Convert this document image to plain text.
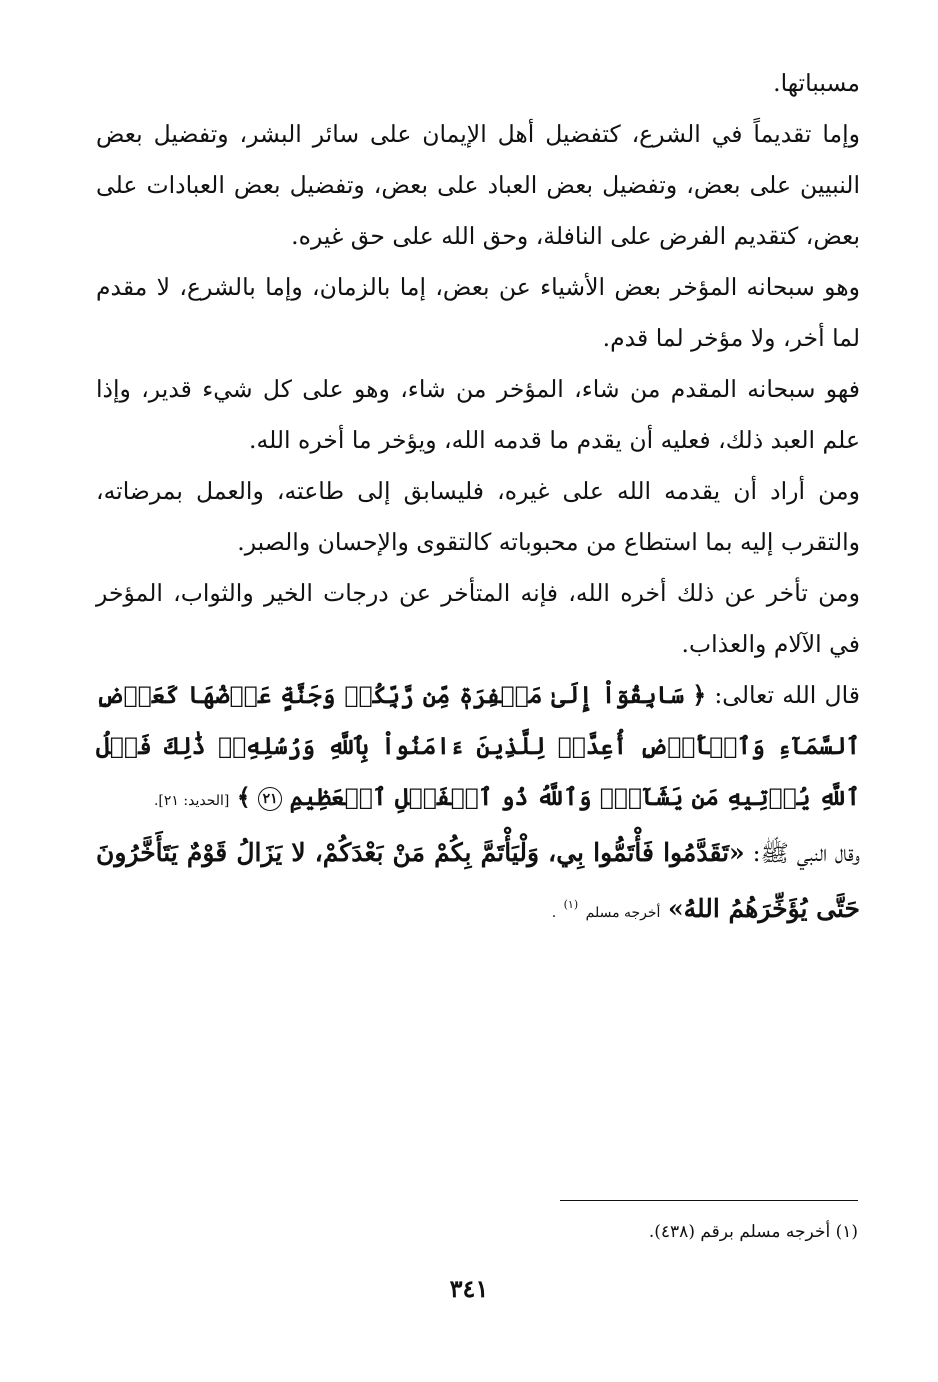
مسبباتها.

وإما تقديماً في الشرع، كتفضيل أهل الإيمان على سائر البشر، وتفضيل بعض النبيين على بعض، وتفضيل بعض العباد على بعض، وتفضيل بعض العبادات على بعض، كتقديم الفرض على النافلة، وحق الله على حق غيره.

وهو سبحانه المؤخر بعض الأشياء عن بعض، إما بالزمان، وإما بالشرع، لا مقدم لما أخر، ولا مؤخر لما قدم.

فهو سبحانه المقدم من شاء، المؤخر من شاء، وهو على كل شيء قدير، وإذا علم العبد ذلك، فعليه أن يقدم ما قدمه الله، ويؤخر ما أخره الله.

ومن أراد أن يقدمه الله على غيره، فليسابق إلى طاعته، والعمل بمرضاته، والتقرب إليه بما استطاع من محبوباته كالتقوى والإحسان والصبر.

ومن تأخر عن ذلك أخره الله، فإنه المتأخر عن درجات الخير والثواب، المؤخر في الآلام والعذاب.

قال الله تعالى: ﴿ سَابِقُوٓاْ إِلَىٰ مَغۡفِرَةٖ مِّن رَّبِّكُمۡ وَجَنَّةٍ عَرۡضُهَا كَعَرۡضِ ٱلسَّمَآءِ وَٱلۡأَرۡضِ أُعِدَّتۡ لِلَّذِينَ ءَامَنُواْ بِٱللَّهِ وَرُسُلِهِۦۚ ذَٰلِكَ فَضۡلُ ٱللَّهِ يُؤۡتِيهِ مَن يَشَآءُۚ وَٱللَّهُ ذُو ٱلۡفَضۡلِ ٱلۡعَظِيمِ ٢١ ﴾ [الحديد: ٢١].

وقال النبي ﷺ: «تَقَدَّمُوا فَأْتَمُّوا بِي، وَلْيَأْتَمَّ بِكُمْ مَنْ بَعْدَكُمْ، لا يَزَالُ قَوْمٌ يَتَأَخَّرُونَ حَتَّى يُؤَخِّرَهُمُ اللهُ» أخرجه مسلم $^{(١)}$ .

(١) أخرجه مسلم برقم (٤٣٨).
٣٤١
